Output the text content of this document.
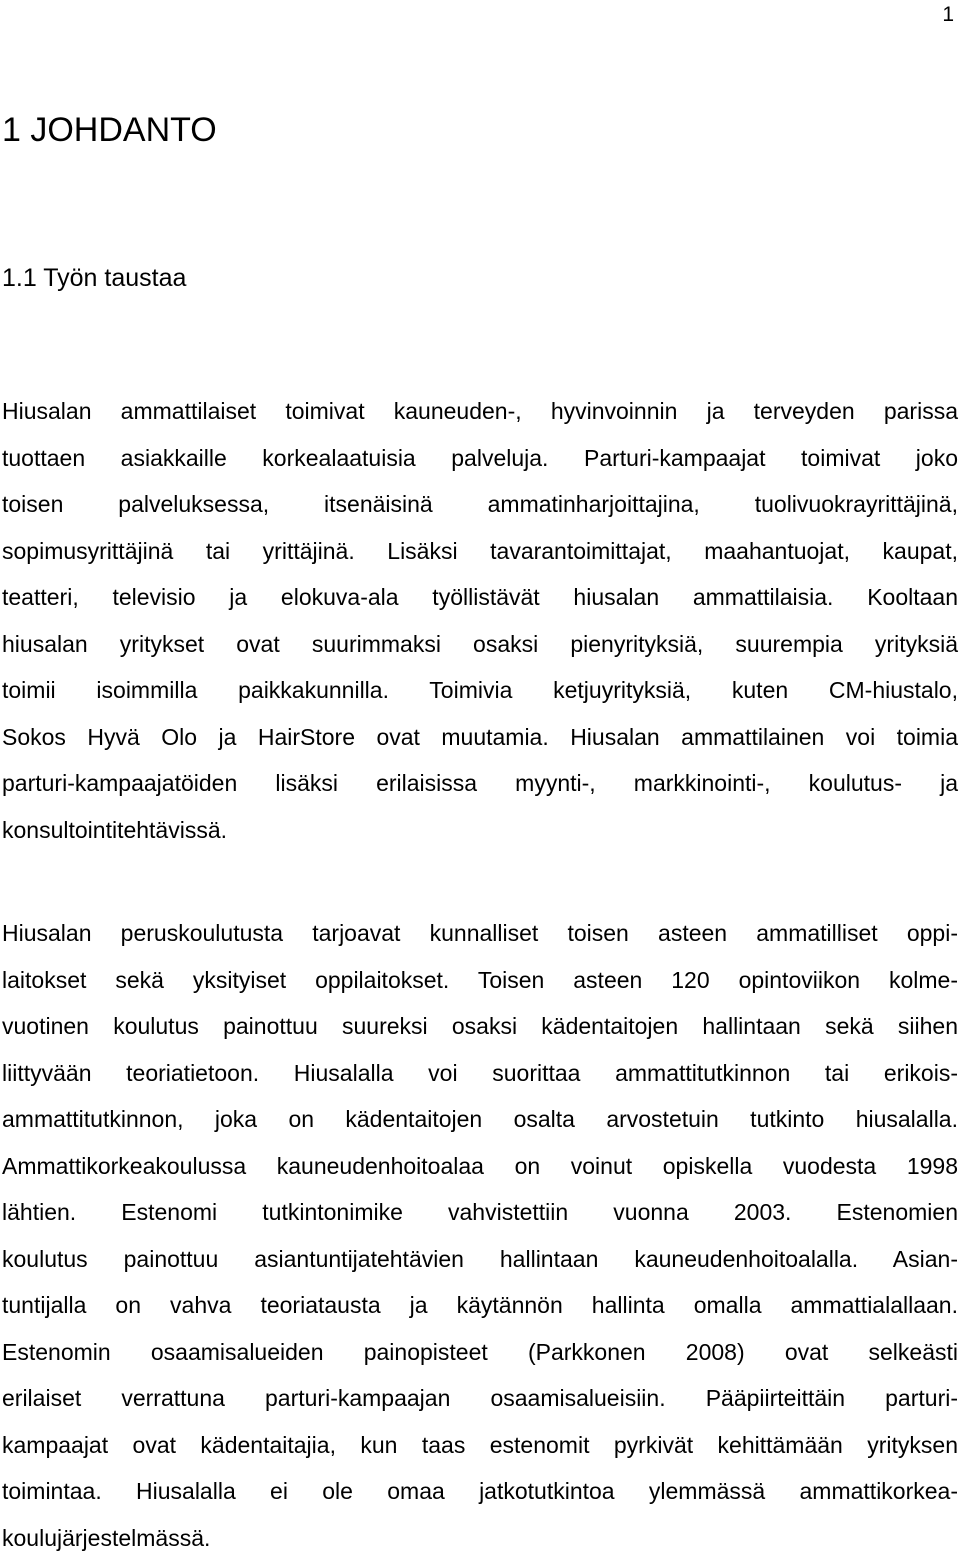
1
1 JOHDANTO
1.1 Työn taustaa

Hiusalan ammattilaiset toimivat kauneuden-, hyvinvoinnin ja terveyden parissa
tuottaen asiakkaille korkealaatuisia palveluja. Parturi-kampaajat toimivat joko
toisen palveluksessa, itsenäisinä ammatinharjoittajina, tuolivuokrayrittäjinä,
sopimusyrittäjinä tai yrittäjinä. Lisäksi tavarantoimittajat, maahantuojat, kaupat,
teatteri, televisio ja elokuva-ala työllistävät hiusalan ammattilaisia. Kooltaan
hiusalan yritykset ovat suurimmaksi osaksi pienyrityksiä, suurempia yrityksiä
toimii isoimmilla paikkakunnilla. Toimivia ketjuyrityksiä, kuten CM-hiustalo,
Sokos Hyvä Olo ja HairStore ovat muutamia. Hiusalan ammattilainen voi toimia
parturi-kampaajatöiden lisäksi erilaisissa myynti-, markkinointi-, koulutus- ja
konsultointitehtävissä.

Hiusalan peruskoulutusta tarjoavat kunnalliset toisen asteen ammatilliset oppi-
laitokset sekä yksityiset oppilaitokset. Toisen asteen 120 opintoviikon kolme-
vuotinen koulutus painottuu suureksi osaksi kädentaitojen hallintaan sekä siihen
liittyvään teoriatietoon. Hiusalalla voi suorittaa ammattitutkinnon tai erikois-
ammattitutkinnon, joka on kädentaitojen osalta arvostetuin tutkinto hiusalalla.
Ammattikorkeakoulussa kauneudenhoitoalaa on voinut opiskella vuodesta 1998
lähtien. Estenomi tutkintonimike vahvistettiin vuonna 2003. Estenomien
koulutus painottuu asiantuntijatehtävien hallintaan kauneudenhoitoalalla. Asian-
tuntijalla on vahva teoriatausta ja käytännön hallinta omalla ammattialallaan.
Estenomin osaamisalueiden painopisteet (Parkkonen 2008) ovat selkeästi
erilaiset verrattuna parturi-kampaajan osaamisalueisiin. Pääpiirteittäin parturi-
kampaajat ovat kädentaitajia, kun taas estenomit pyrkivät kehittämään yrityksen
toimintaa. Hiusalalla ei ole omaa jatkotutkintoa ylemmässä ammattikorkea-
koulujärjestelmässä.
